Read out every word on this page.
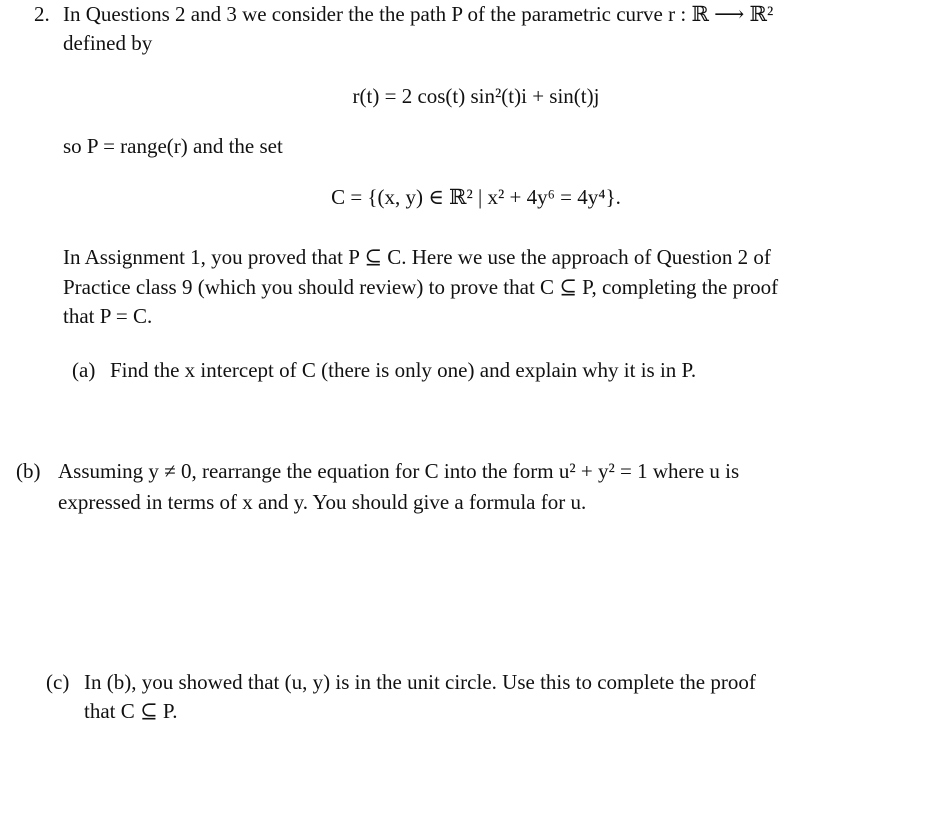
2. In Questions 2 and 3 we consider the the path P of the parametric curve r : ℝ ⟶ ℝ²
defined by
r(t) = 2 cos(t) sin²(t)i + sin(t)j
so P = range(r) and the set
C = {(x, y) ∈ ℝ² | x² + 4y⁶ = 4y⁴}.
In Assignment 1, you proved that P ⊆ C. Here we use the approach of Question 2 of
Practice class 9 (which you should review) to prove that C ⊆ P, completing the proof
that P = C.
(a) Find the x intercept of C (there is only one) and explain why it is in P.
(b) Assuming y ≠ 0, rearrange the equation for C into the form u² + y² = 1 where u is
expressed in terms of x and y. You should give a formula for u.
(c) In (b), you showed that (u, y) is in the unit circle. Use this to complete the proof
that C ⊆ P.
